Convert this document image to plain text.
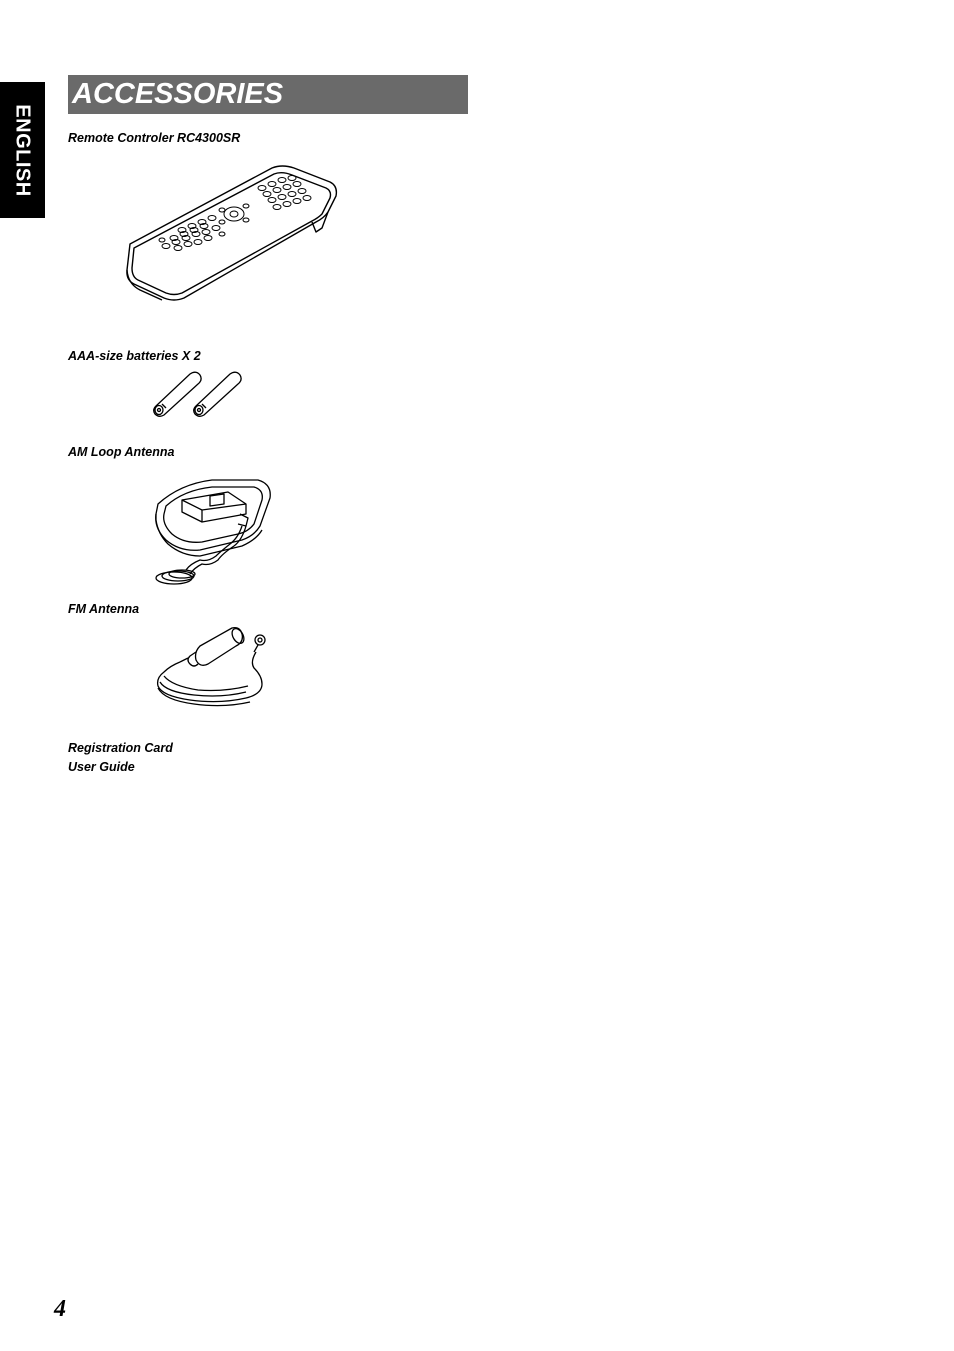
ENGLISH
ACCESSORIES
Remote Controler RC4300SR
AAA-size batteries X 2
AM Loop Antenna
FM Antenna
Registration Card
User Guide
4
